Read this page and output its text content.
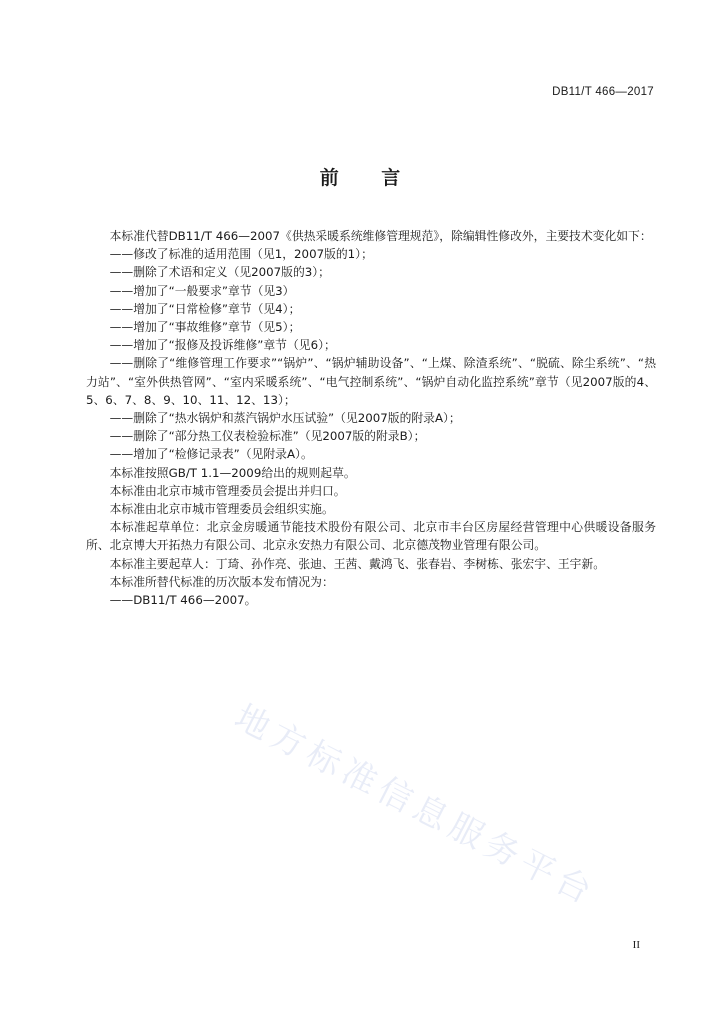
DB11/T 466—2017
前 言

本标准代替DB11/T 466—2007《供热采暖系统维修管理规范》，除编辑性修改外，主要技术变化如下：

——修改了标准的适用范围（见1，2007版的1）；

——删除了术语和定义（见2007版的3）；

——增加了“一般要求”章节（见3）

——增加了“日常检修”章节（见4）；

——增加了“事故维修”章节（见5）；

——增加了“报修及投诉维修”章节（见6）；

——删除了“维修管理工作要求”“锅炉”、“锅炉辅助设备”、“上煤、除渣系统”、“脱硫、除尘系统”、“热力站”、“室外供热管网”、“室内采暖系统”、“电气控制系统”、“锅炉自动化监控系统”章节（见2007版的4、5、6、7、8、9、10、11、12、13）；

——删除了“热水锅炉和蒸汽锅炉水压试验”（见2007版的附录A）；

——删除了“部分热工仪表检验标准”（见2007版的附录B）；

——增加了“检修记录表”（见附录A）。

本标准按照GB/T 1.1—2009给出的规则起草。

本标准由北京市城市管理委员会提出并归口。

本标准由北京市城市管理委员会组织实施。

本标准起草单位：北京金房暖通节能技术股份有限公司、北京市丰台区房屋经营管理中心供暖设备服务所、北京博大开拓热力有限公司、北京永安热力有限公司、北京德茂物业管理有限公司。

本标准主要起草人：丁琦、孙作亮、张迪、王茜、戴鸿飞、张春岩、李树栋、张宏宇、王宇新。

本标准所替代标准的历次版本发布情况为：

——DB11/T 466—2007。

地方标准信息服务平台
II
